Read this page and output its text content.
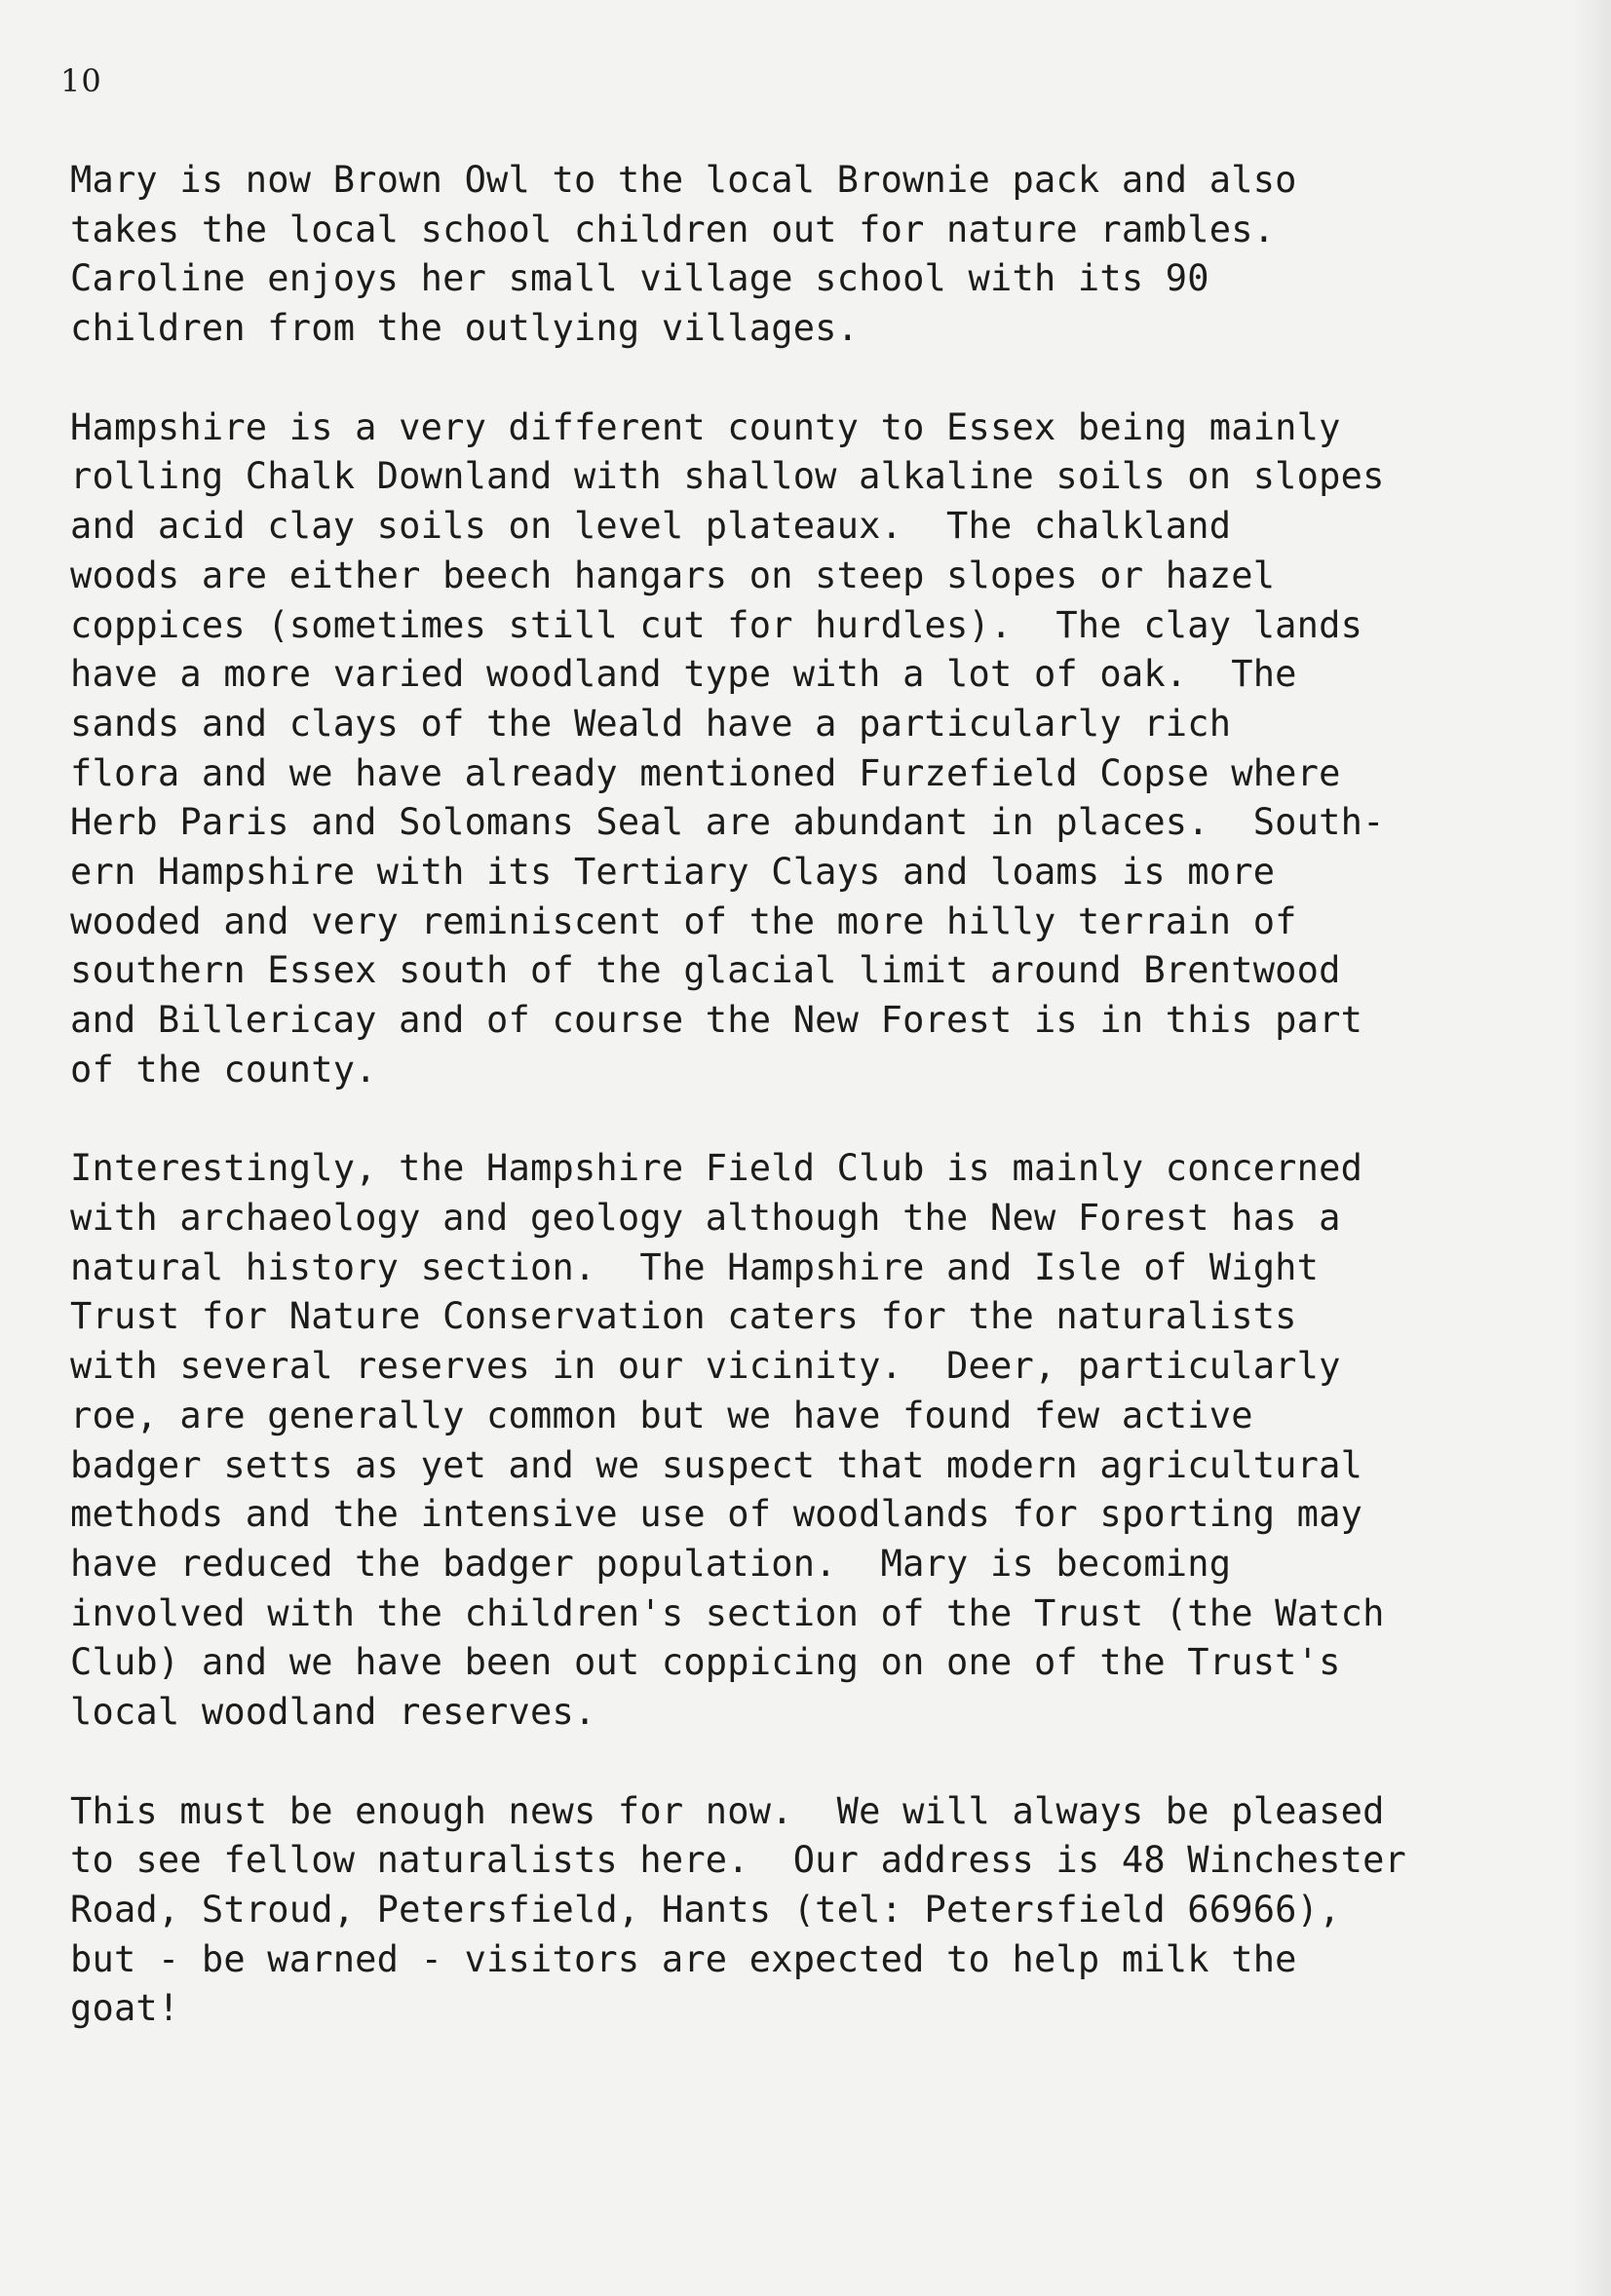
10
Mary is now Brown Owl to the local Brownie pack and also
takes the local school children out for nature rambles.
Caroline enjoys her small village school with its 90
children from the outlying villages.
Hampshire is a very different county to Essex being mainly
rolling Chalk Downland with shallow alkaline soils on slopes
and acid clay soils on level plateaux.  The chalkland
woods are either beech hangars on steep slopes or hazel
coppices (sometimes still cut for hurdles).  The clay lands
have a more varied woodland type with a lot of oak.  The
sands and clays of the Weald have a particularly rich
flora and we have already mentioned Furzefield Copse where
Herb Paris and Solomans Seal are abundant in places.  South-
ern Hampshire with its Tertiary Clays and loams is more
wooded and very reminiscent of the more hilly terrain of
southern Essex south of the glacial limit around Brentwood
and Billericay and of course the New Forest is in this part
of the county.
Interestingly, the Hampshire Field Club is mainly concerned
with archaeology and geology although the New Forest has a
natural history section.  The Hampshire and Isle of Wight
Trust for Nature Conservation caters for the naturalists
with several reserves in our vicinity.  Deer, particularly
roe, are generally common but we have found few active
badger setts as yet and we suspect that modern agricultural
methods and the intensive use of woodlands for sporting may
have reduced the badger population.  Mary is becoming
involved with the children's section of the Trust (the Watch
Club) and we have been out coppicing on one of the Trust's
local woodland reserves.
This must be enough news for now.  We will always be pleased
to see fellow naturalists here.  Our address is 48 Winchester
Road, Stroud, Petersfield, Hants (tel: Petersfield 66966),
but - be warned - visitors are expected to help milk the
goat!
